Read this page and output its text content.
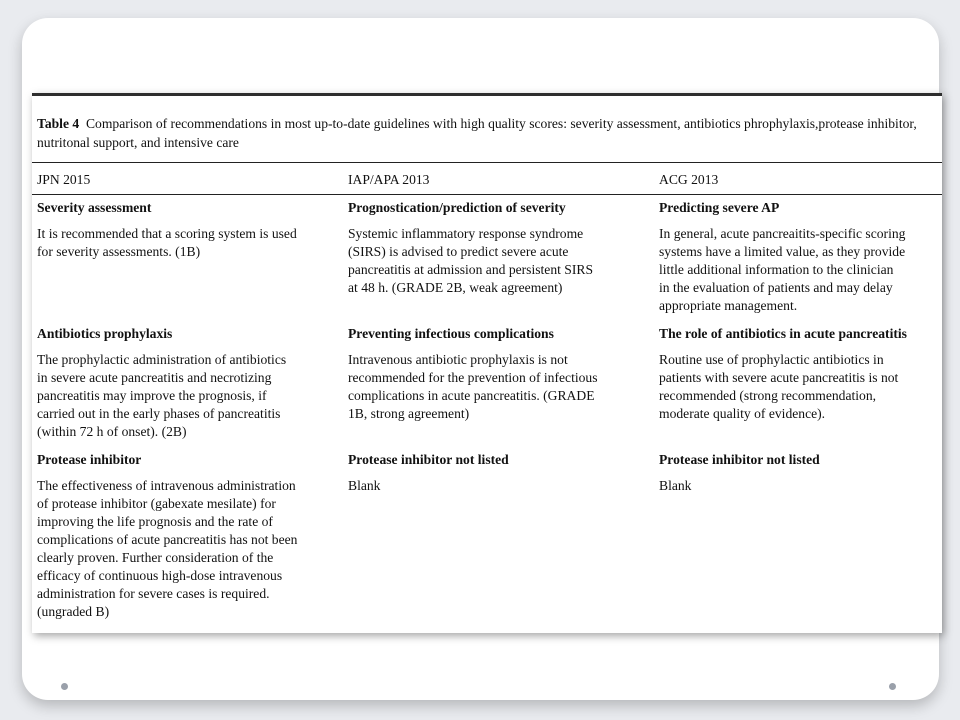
Table 4 Comparison of recommendations in most up-to-date guidelines with high quality scores: severity assessment, antibiotics phrophylaxis,protease inhibitor, nutritonal support, and intensive care
JPN 2015	IAP/APA 2013	ACG 2013
Severity assessment
It is recommended that a scoring system is used
for severity assessments. (1B)
Prognostication/prediction of severity
Systemic inflammatory response syndrome
(SIRS) is advised to predict severe acute
pancreatitis at admission and persistent SIRS
at 48 h. (GRADE 2B, weak agreement)
Predicting severe AP
In general, acute pancreaitits-specific scoring
systems have a limited value, as they provide
little additional information to the clinician
in the evaluation of patients and may delay
appropriate management.
Antibiotics prophylaxis
The prophylactic administration of antibiotics
in severe acute pancreatitis and necrotizing
pancreatitis may improve the prognosis, if
carried out in the early phases of pancreatitis
(within 72 h of onset). (2B)
Preventing infectious complications
Intravenous antibiotic prophylaxis is not
recommended for the prevention of infectious
complications in acute pancreatitis. (GRADE
1B, strong agreement)
The role of antibiotics in acute pancreatitis
Routine use of prophylactic antibiotics in
patients with severe acute pancreatitis is not
recommended (strong recommendation,
moderate quality of evidence).
Protease inhibitor
The effectiveness of intravenous administration
of protease inhibitor (gabexate mesilate) for
improving the life prognosis and the rate of
complications of acute pancreatitis has not been
clearly proven. Further consideration of the
efficacy of continuous high-dose intravenous
administration for severe cases is required.
(ungraded B)
Protease inhibitor not listed
Blank
Protease inhibitor not listed
Blank
